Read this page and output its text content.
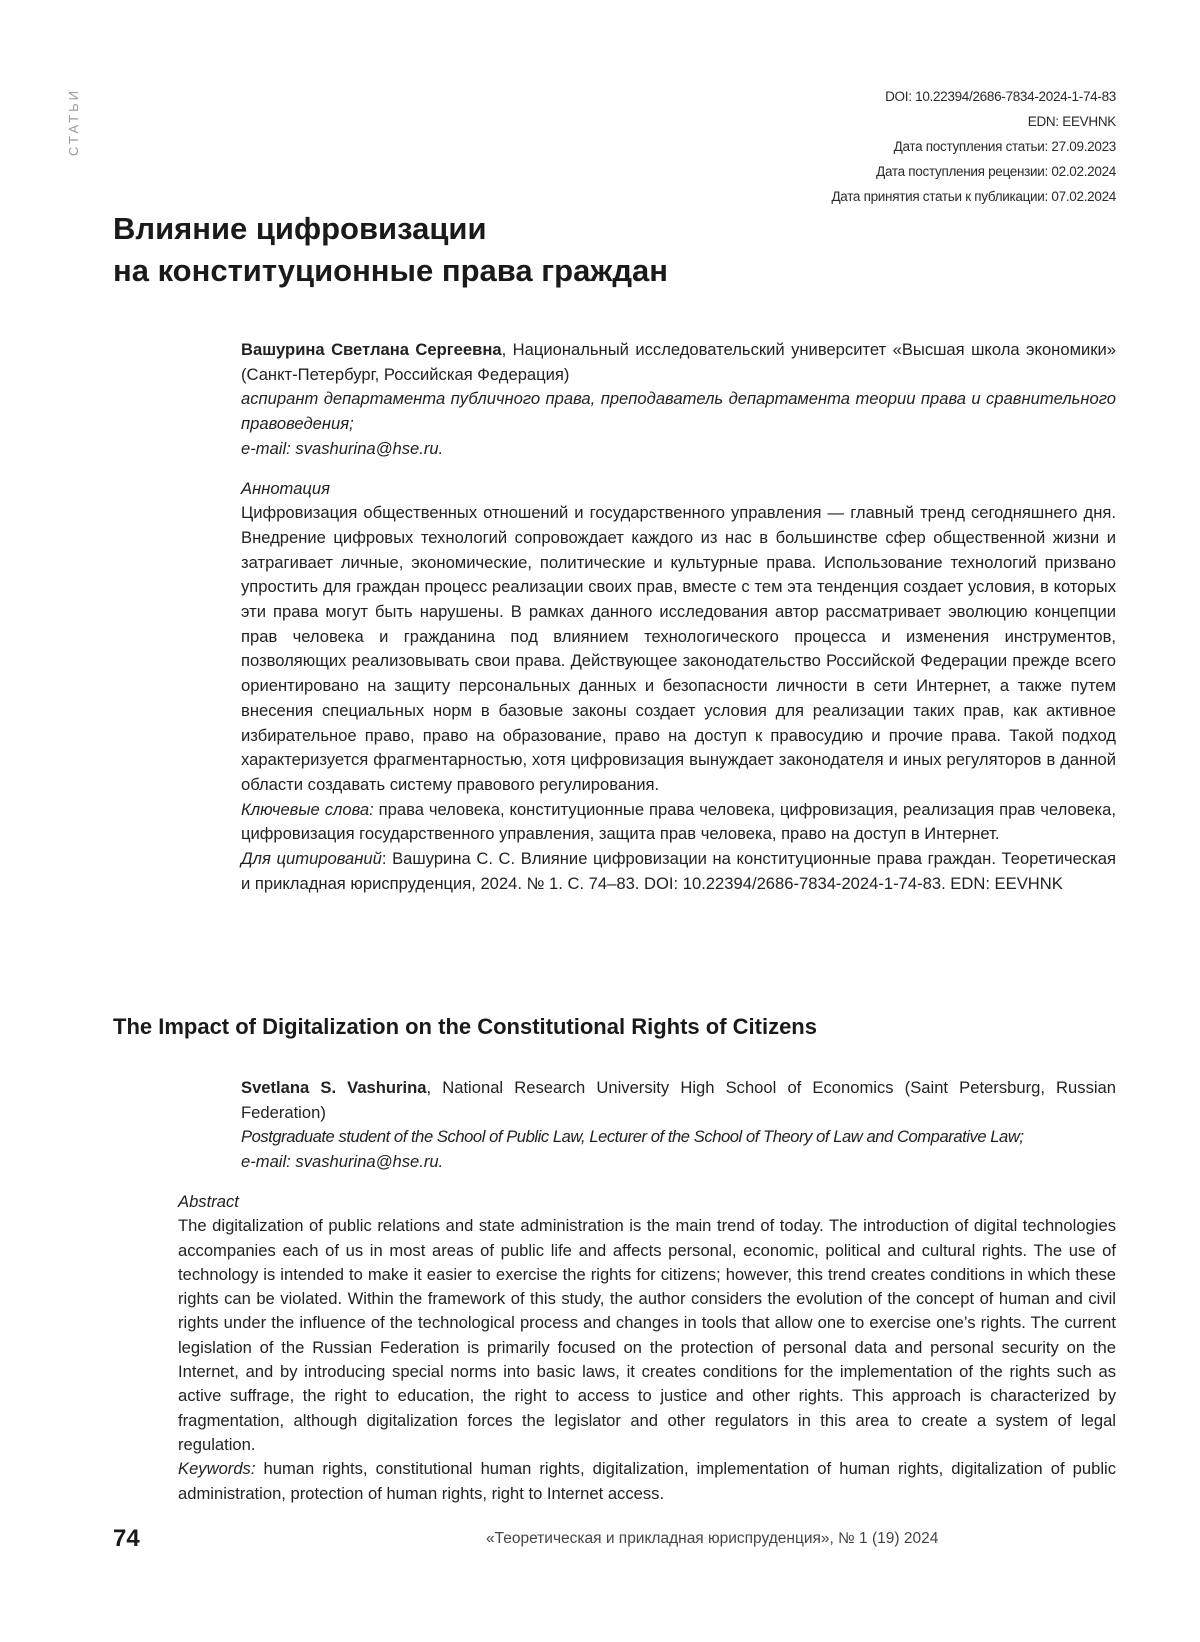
СТАТЬИ	DOI: 10.22394/2686-7834-2024-1-74-83
EDN: EEVHNK
Дата поступления статьи: 27.09.2023
Дата поступления рецензии: 02.02.2024
Дата принятия статьи к публикации: 07.02.2024
Влияние цифровизации
на конституционные права граждан

Вашурина Светлана Сергеевна, Национальный исследовательский университет «Высшая школа экономики» (Санкт-Петербург, Российская Федерация)

аспирант департамента публичного права, преподаватель департамента теории права и сравнительного правоведения;

e-mail: svashurina@hse.ru.

Аннотация

Цифровизация общественных отношений и государственного управления — главный тренд сегодняшнего дня. Внедрение цифровых технологий сопровождает каждого из нас в большинстве сфер общественной жизни и затрагивает личные, экономические, политические и культурные права. Использование технологий призвано упростить для граждан процесс реализации своих прав, вместе с тем эта тенденция создает условия, в которых эти права могут быть нарушены. В рамках данного исследования автор рассматривает эволюцию концепции прав человека и гражданина под влиянием технологического процесса и изменения инструментов, позволяющих реализовывать свои права. Действующее законодательство Российской Федерации прежде всего ориентировано на защиту персональных данных и безопасности личности в сети Интернет, а также путем внесения специальных норм в базовые законы создает условия для реализации таких прав, как активное избирательное право, право на образование, право на доступ к правосудию и прочие права. Такой подход характеризуется фрагментарностью, хотя цифровизация вынуждает законодателя и иных регуляторов в данной области создавать систему правового регулирования.

Ключевые слова: права человека, конституционные права человека, цифровизация, реализация прав человека, цифровизация государственного управления, защита прав человека, право на доступ в Интернет.

Для цитирований: Вашурина С. С. Влияние цифровизации на конституционные права граждан. Теоретическая и прикладная юриспруденция, 2024. № 1. С. 74–83. DOI: 10.22394/2686-7834-2024-1-74-83. EDN: EEVHNK

The Impact of Digitalization on the Constitutional Rights of Citizens

Svetlana S. Vashurina, National Research University High School of Economics (Saint Petersburg, Russian Federation)

Postgraduate student of the School of Public Law, Lecturer of the School of Theory of Law and Comparative Law;

e-mail: svashurina@hse.ru.

Abstract

The digitalization of public relations and state administration is the main trend of today. The introduction of digital technologies accompanies each of us in most areas of public life and affects personal, economic, political and cultural rights. The use of technology is intended to make it easier to exercise the rights for citizens; however, this trend creates conditions in which these rights can be violated. Within the framework of this study, the author considers the evolution of the concept of human and civil rights under the influence of the technological process and changes in tools that allow one to exercise one’s rights. The current legislation of the Russian Federation is primarily focused on the protection of personal data and personal security on the Internet, and by introducing special norms into basic laws, it creates conditions for the implementation of the rights such as active suffrage, the right to education, the right to access to justice and other rights. This approach is characterized by fragmentation, although digitalization forces the legislator and other regulators in this area to create a system of legal regulation.

Keywords: human rights, constitutional human rights, digitalization, implementation of human rights, digitalization of public administration, protection of human rights, right to Internet access.

74	«Теоретическая и прикладная юриспруденция», № 1 (19) 2024
